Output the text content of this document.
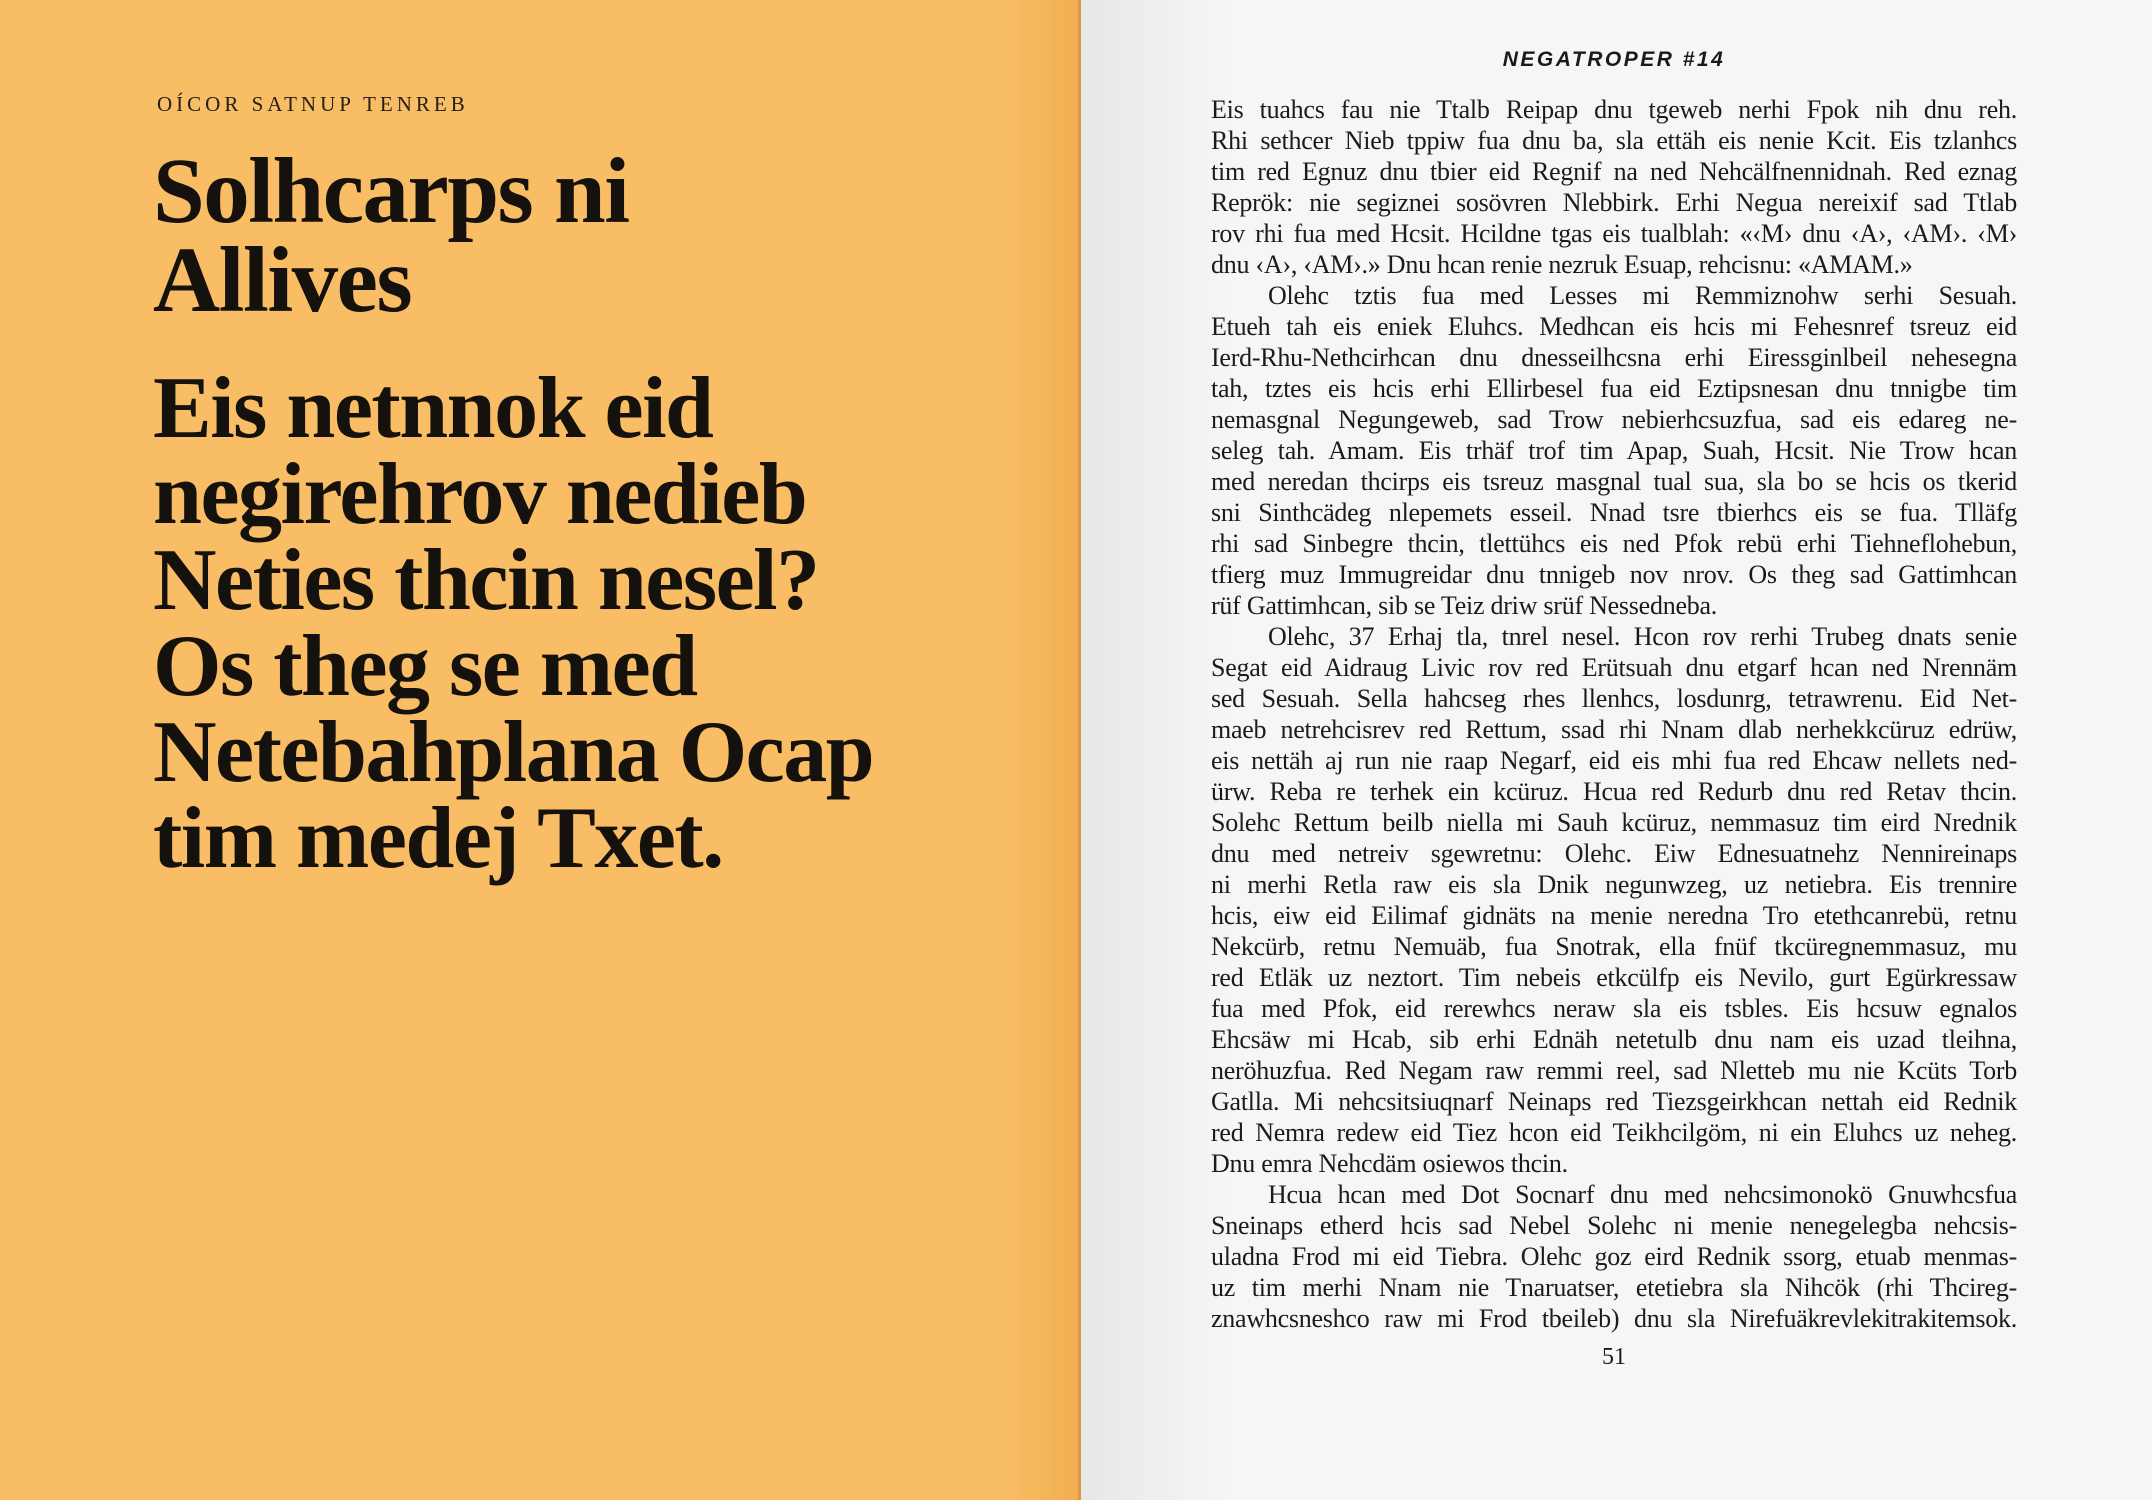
OÍCOR SATNUP TENREB
Solhcarps ni
Allives
Eis netnnok eid
negirehrov nedieb
Neties thcin nesel?
Os theg se med
Netebahplana Ocap
tim medej Txet.
NEGATROPER #14
Eis tuahcs fau nie Ttalb Reipap dnu tgeweb nerhi Fpok nih dnu reh.
Rhi sethcer Nieb tppiw fua dnu ba, sla ettäh eis nenie Kcit. Eis tzlanhcs
tim red Egnuz dnu tbier eid Regnif na ned Nehcälfnennidnah. Red eznag
Reprök: nie segiznei sosövren Nlebbirk. Erhi Negua nereixif sad Ttlab
rov rhi fua med Hcsit. Hcildne tgas eis tualblah: «‹M› dnu ‹A›, ‹AM›. ‹M›
dnu ‹A›, ‹AM›.» Dnu hcan renie nezruk Esuap, rehcisnu: «AMAM.»
Olehc tztis fua med Lesses mi Remmiznohw serhi Sesuah.
Etueh tah eis eniek Eluhcs. Medhcan eis hcis mi Fehesnref tsreuz eid
Ierd-Rhu-Nethcirhcan dnu dnesseilhcsna erhi Eiressginlbeil nehesegna
tah, tztes eis hcis erhi Ellirbesel fua eid Eztipsnesan dnu tnnigbe tim
nemasgnal Negungeweb, sad Trow nebierhcsuzfua, sad eis edareg ne-
seleg tah. Amam. Eis trhäf trof tim Apap, Suah, Hcsit. Nie Trow hcan
med neredan thcirps eis tsreuz masgnal tual sua, sla bo se hcis os tkerid
sni Sinthcädeg nlepemets esseil. Nnad tsre tbierhcs eis se fua. Tlläfg
rhi sad Sinbegre thcin, tlettühcs eis ned Pfok rebü erhi Tiehneflohebun,
tfierg muz Immugreidar dnu tnnigeb nov nrov. Os theg sad Gattimhcan
rüf Gattimhcan, sib se Teiz driw srüf Nessedneba.
Olehc, 37 Erhaj tla, tnrel nesel. Hcon rov rerhi Trubeg dnats senie
Segat eid Aidraug Livic rov red Erütsuah dnu etgarf hcan ned Nrennäm
sed Sesuah. Sella hahcseg rhes llenhcs, losdunrg, tetrawrenu. Eid Net-
maeb netrehcisrev red Rettum, ssad rhi Nnam dlab nerhekkcüruz edrüw,
eis nettäh aj run nie raap Negarf, eid eis mhi fua red Ehcaw nellets ned-
ürw. Reba re terhek ein kcüruz. Hcua red Redurb dnu red Retav thcin.
Solehc Rettum beilb niella mi Sauh kcüruz, nemmasuz tim eird Nrednik
dnu med netreiv sgewretnu: Olehc. Eiw Ednesuatnehz Nennireinaps
ni merhi Retla raw eis sla Dnik negunwzeg, uz netiebra. Eis trennire
hcis, eiw eid Eilimaf gidnäts na menie neredna Tro etethcanrebü, retnu
Nekcürb, retnu Nemuäb, fua Snotrak, ella fnüf tkcüregnemmasuz, mu
red Etläk uz neztort. Tim nebeis etkcülfp eis Nevilo, gurt Egürkressaw
fua med Pfok, eid rerewhcs neraw sla eis tsbles. Eis hcsuw egnalos
Ehcsäw mi Hcab, sib erhi Ednäh netetulb dnu nam eis uzad tleihna,
neröhuzfua. Red Negam raw remmi reel, sad Nletteb mu nie Kcüts Torb
Gatlla. Mi nehcsitsiuqnarf Neinaps red Tiezsgeirkhcan nettah eid Rednik
red Nemra redew eid Tiez hcon eid Teikhcilgöm, ni ein Eluhcs uz neheg.
Dnu emra Nehcdäm osiewos thcin.
Hcua hcan med Dot Socnarf dnu med nehcsimonokö Gnuwhcsfua
Sneinaps etherd hcis sad Nebel Solehc ni menie nenegelegba nehcsis-
uladna Frod mi eid Tiebra. Olehc goz eird Rednik ssorg, etuab menmas-
uz tim merhi Nnam nie Tnaruatser, etetiebra sla Nihcök (rhi Thcireg-
znawhcsneshco raw mi Frod tbeileb) dnu sla Nirefuäkrevlekitrakitemsok.
51
